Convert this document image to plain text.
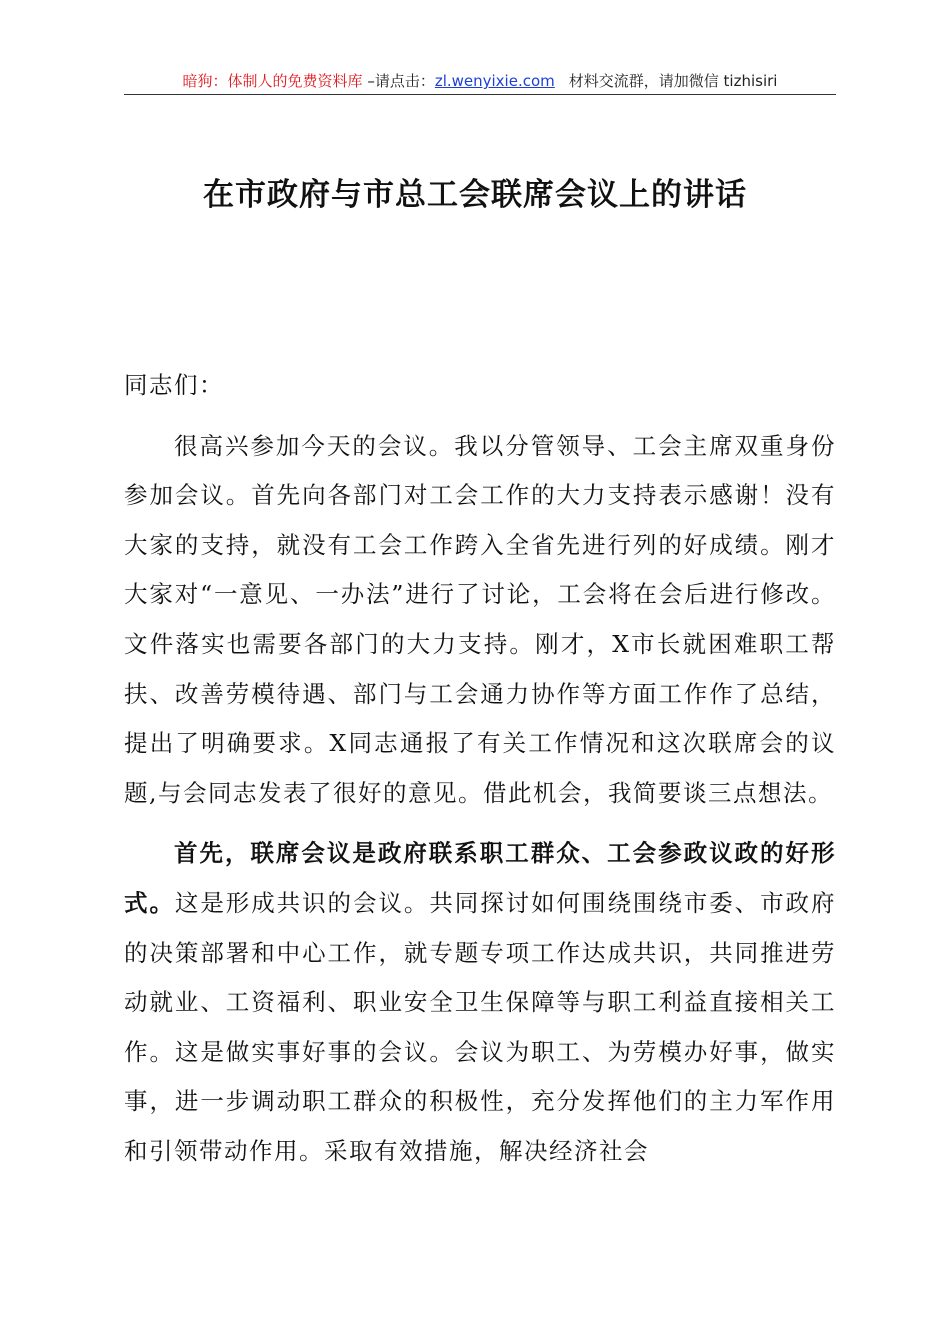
暗狗：体制人的免费资料库 –请点击：zl.wenyixie.com 材料交流群，请加微信 tizhisiri
在市政府与市总工会联席会议上的讲话

同志们：

很高兴参加今天的会议。我以分管领导、工会主席双重身份参加会议。首先向各部门对工会工作的大力支持表示感谢！没有大家的支持，就没有工会工作跨入全省先进行列的好成绩。刚才大家对“一意见、一办法”进行了讨论，工会将在会后进行修改。文件落实也需要各部门的大力支持。刚才，X市长就困难职工帮扶、改善劳模待遇、部门与工会通力协作等方面工作作了总结，提出了明确要求。X同志通报了有关工作情况和这次联席会的议题,与会同志发表了很好的意见。借此机会，我简要谈三点想法。

首先，联席会议是政府联系职工群众、工会参政议政的好形式。这是形成共识的会议。共同探讨如何围绕围绕市委、市政府的决策部署和中心工作，就专题专项工作达成共识，共同推进劳动就业、工资福利、职业安全卫生保障等与职工利益直接相关工作。这是做实事好事的会议。会议为职工、为劳模办好事，做实事，进一步调动职工群众的积极性，充分发挥他们的主力军作用和引领带动作用。采取有效措施，解决经济社会
